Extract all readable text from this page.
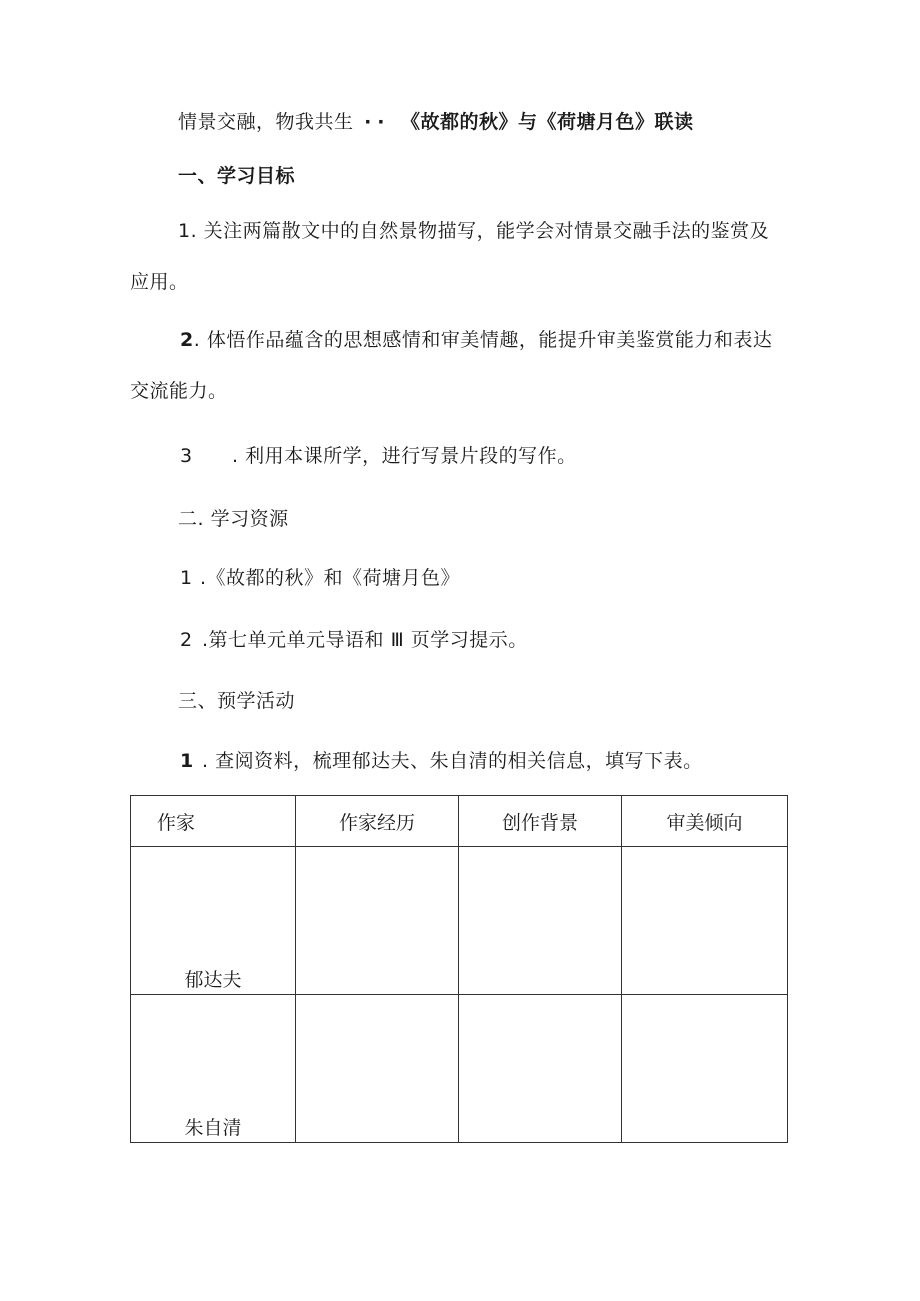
情景交融，物我共生 ·· 《故都的秋》与《荷塘月色》联读
一、学习目标
1. 关注两篇散文中的自然景物描写，能学会对情景交融手法的鉴赏及
应用。
2. 体悟作品蕴含的思想感情和审美情趣，能提升审美鉴赏能力和表达
交流能力。
3 . 利用本课所学，进行写景片段的写作。
二. 学习资源
1 .《故都的秋》和《荷塘月色》
2 .第七单元单元导语和 Ⅲ 页学习提示。
三、预学活动
1 . 查阅资料，梳理郁达夫、朱自清的相关信息，填写下表。
作家	作家经历	创作背景	审美倾向
郁达夫			
朱自清			
